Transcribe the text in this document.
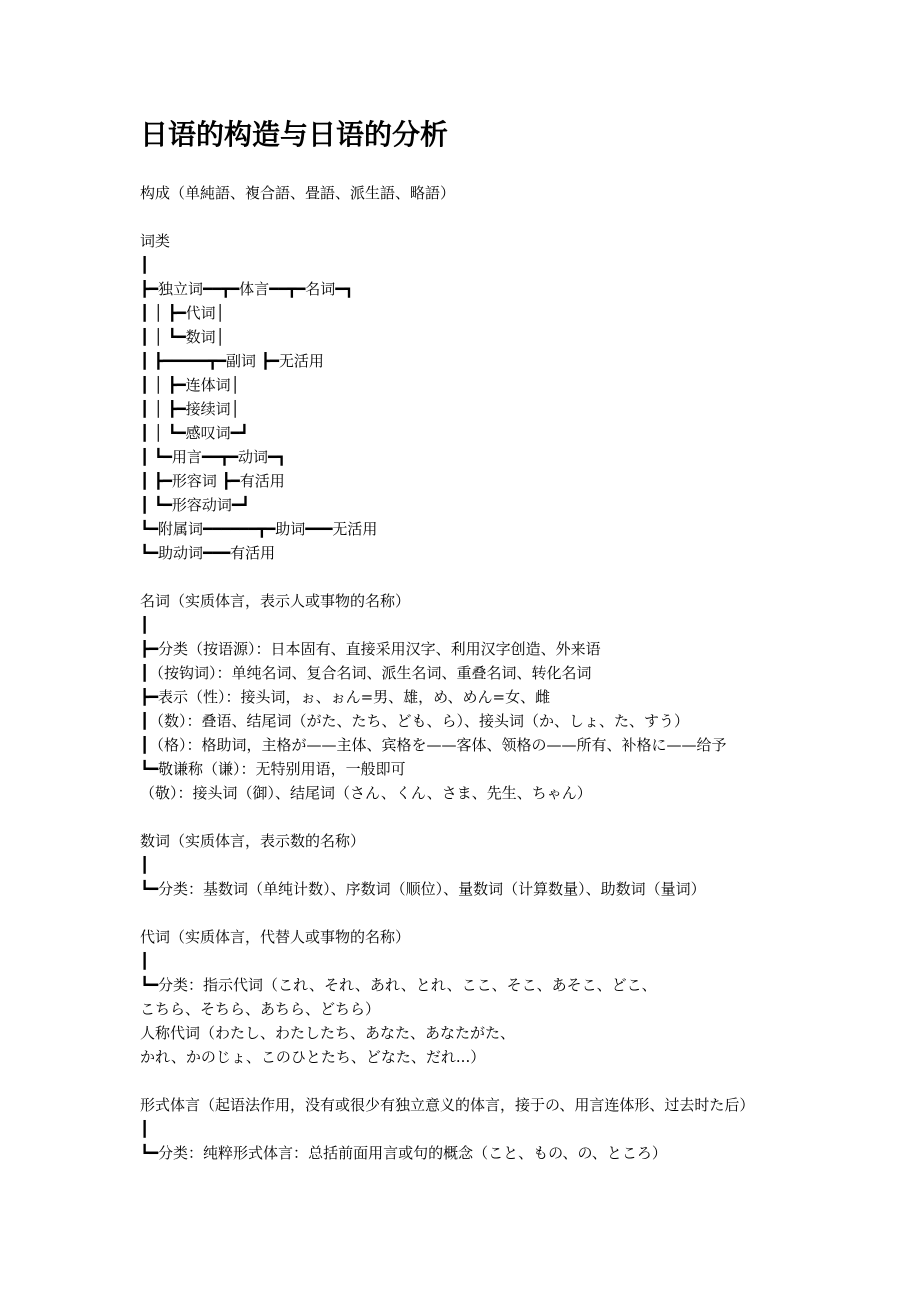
日语的构造与日语的分析
构成（单純語、複合語、畳語、派生語、略語）
词类
┃
┣━独立词━━┳━体言━━┳━名词━┓
┃ │ ┣━代词│
┃ │ ┗━数词│
┃ ┣━━━━━┳━副词 ┣━无活用
┃ │ ┣━连体词│
┃ │ ┣━接续词│
┃ │ ┗━感叹词━┛
┃ ┗━用言━━┳━动词━┓
┃ ┣━形容词 ┣━有活用
┃ ┗━形容动词━┛
┗━附属词━━━━━━┳━助词━━━无活用
┗━助动词━━━有活用
名词（实质体言，表示人或事物的名称）
┃
┣━分类（按语源）：日本固有、直接采用汉字、利用汉字创造、外来语
┃（按钩词）：单纯名词、复合名词、派生名词、重叠名词、转化名词
┣━表示（性）：接头词，ぉ、ぉん=男、雄，め、めん=女、雌
┃（数）：叠语、结尾词（がた、たち、ども、ら）、接头词（か、しょ、た、すう）
┃（格）：格助词，主格が——主体、宾格を——客体、领格の——所有、补格に——给予
┗━敬谦称（谦）：无特别用语，一般即可
（敬）：接头词（御）、结尾词（さん、くん、さま、先生、ちゃん）
数词（实质体言，表示数的名称）
┃
┗━分类：基数词（单纯计数）、序数词（顺位）、量数词（计算数量）、助数词（量词）
代词（实质体言，代替人或事物的名称）
┃
┗━分类：指示代词（これ、それ、あれ、とれ、ここ、そこ、あそこ、どこ、
こちら、そちら、あちら、どちら）
人称代词（わたし、わたしたち、あなた、あなたがた、
かれ、かのじょ、このひとたち、どなた、だれ...）
形式体言（起语法作用，没有或很少有独立意义的体言，接于の、用言连体形、过去时た后）
┃
┗━分类：纯粹形式体言：总括前面用言或句的概念（こと、もの、の、ところ）
